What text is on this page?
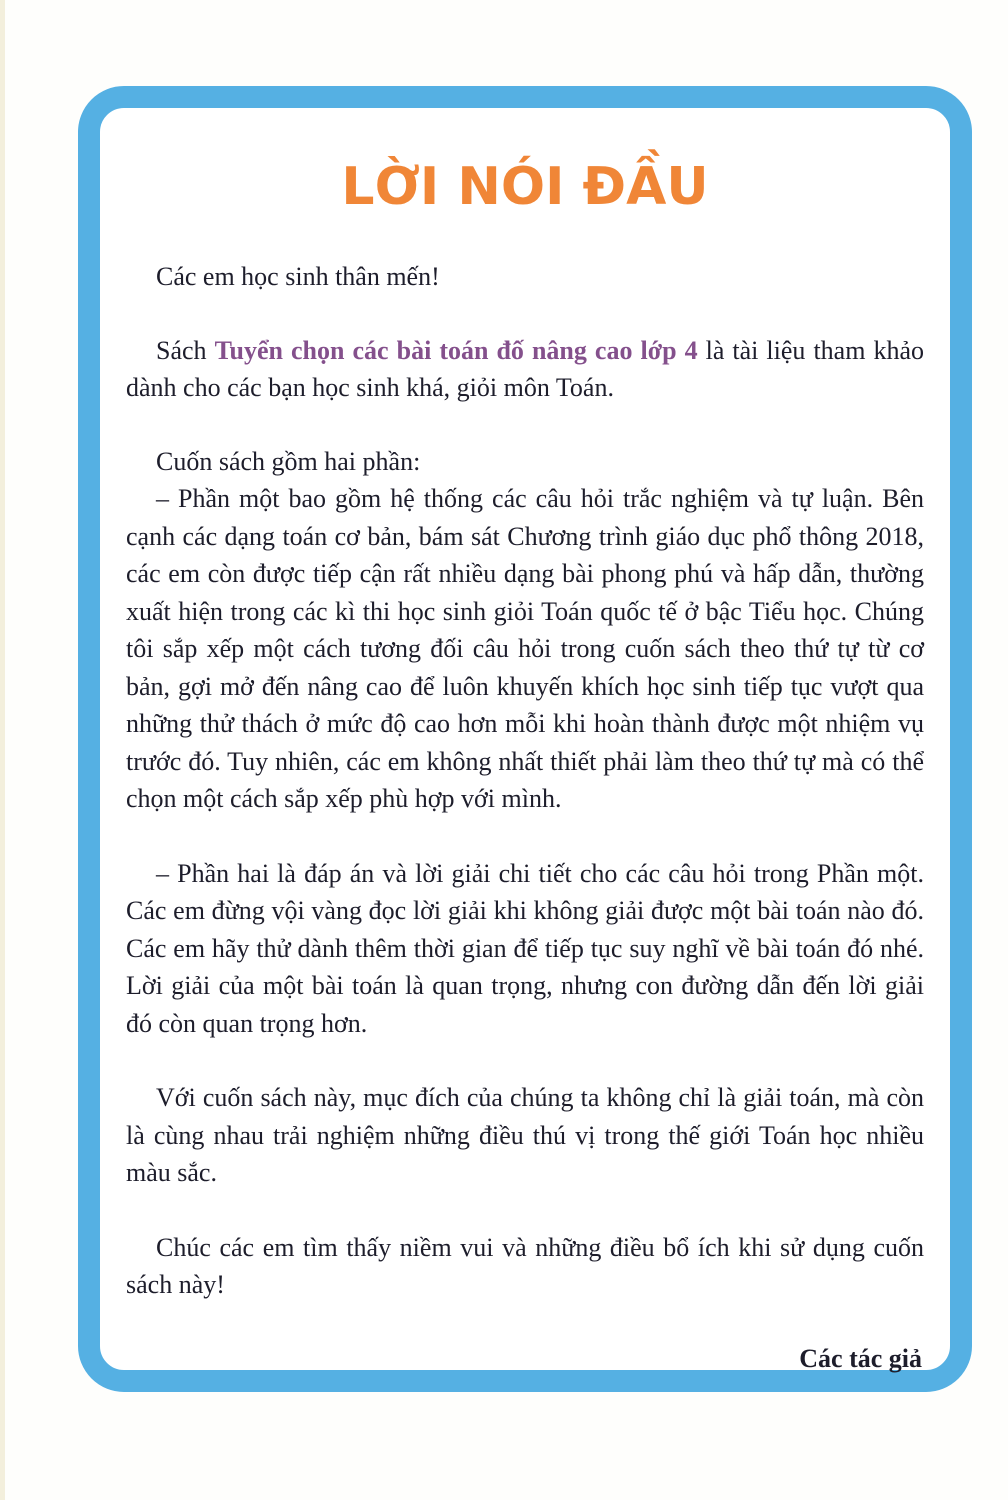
LỜI NÓI ĐẦU

Các em học sinh thân mến!

Sách Tuyển chọn các bài toán đố nâng cao lớp 4 là tài liệu tham khảo dành cho các bạn học sinh khá, giỏi môn Toán.

Cuốn sách gồm hai phần:

– Phần một bao gồm hệ thống các câu hỏi trắc nghiệm và tự luận. Bên cạnh các dạng toán cơ bản, bám sát Chương trình giáo dục phổ thông 2018, các em còn được tiếp cận rất nhiều dạng bài phong phú và hấp dẫn, thường xuất hiện trong các kì thi học sinh giỏi Toán quốc tế ở bậc Tiểu học. Chúng tôi sắp xếp một cách tương đối câu hỏi trong cuốn sách theo thứ tự từ cơ bản, gợi mở đến nâng cao để luôn khuyến khích học sinh tiếp tục vượt qua những thử thách ở mức độ cao hơn mỗi khi hoàn thành được một nhiệm vụ trước đó. Tuy nhiên, các em không nhất thiết phải làm theo thứ tự mà có thể chọn một cách sắp xếp phù hợp với mình.

– Phần hai là đáp án và lời giải chi tiết cho các câu hỏi trong Phần một. Các em đừng vội vàng đọc lời giải khi không giải được một bài toán nào đó. Các em hãy thử dành thêm thời gian để tiếp tục suy nghĩ về bài toán đó nhé. Lời giải của một bài toán là quan trọng, nhưng con đường dẫn đến lời giải đó còn quan trọng hơn.

Với cuốn sách này, mục đích của chúng ta không chỉ là giải toán, mà còn là cùng nhau trải nghiệm những điều thú vị trong thế giới Toán học nhiều màu sắc.

Chúc các em tìm thấy niềm vui và những điều bổ ích khi sử dụng cuốn sách này!

Các tác giả
